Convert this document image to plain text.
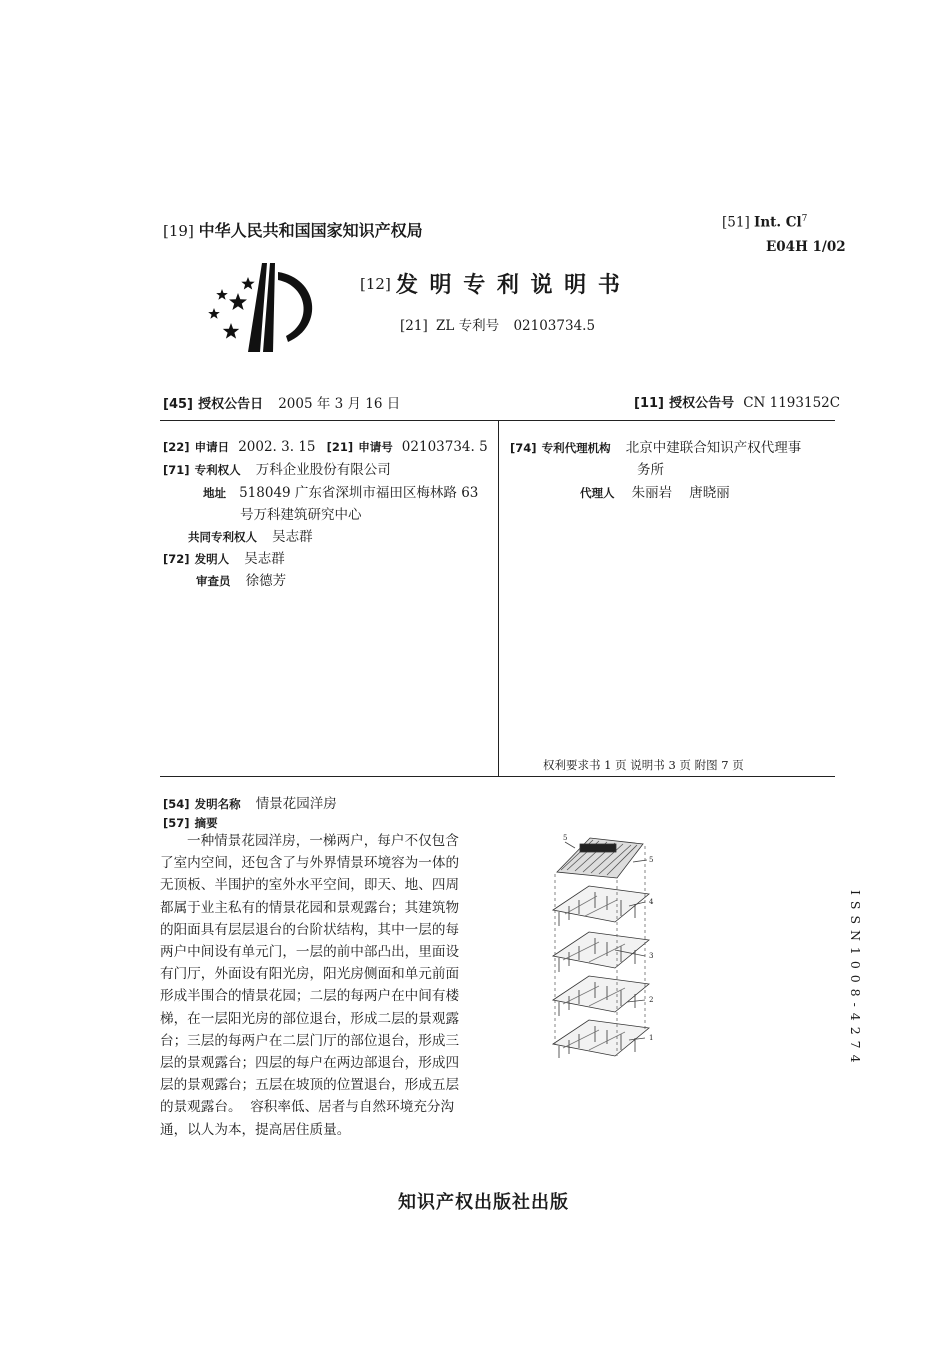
[19] 中华人民共和国国家知识产权局	[51] Int. Cl$^7$
E04H 1/02
[12] 发 明 专 利 说 明 书
[21] ZL 专利号 02103734.5
[45] 授权公告日 2005 年 3 月 16 日	[11] 授权公告号 CN 1193152C
[22] 申请日 2002. 3. 15 [21] 申请号 02103734. 5
[71] 专利权人 万科企业股份有限公司
地址 518049 广东省深圳市福田区梅林路 63
号万科建筑研究中心
共同专利权人 吴志群
[72] 发明人 吴志群
审查员 徐德芳
[74] 专利代理机构 北京中建联合知识产权代理事
务所
代理人 朱丽岩    唐晓丽
权利要求书 1 页 说明书 3 页 附图 7 页
[54] 发明名称 情景花园洋房
[57] 摘要

一种情景花园洋房，一梯两户，每户不仅包含

了室内空间，还包含了与外界情景环境容为一体的

无顶板、半围护的室外水平空间，即天、地、四周

都属于业主私有的情景花园和景观露台；其建筑物

的阳面具有层层退台的台阶状结构，其中一层的每

两户中间设有单元门，一层的前中部凸出，里面设

有门厅，外面设有阳光房，阳光房侧面和单元前面

形成半围合的情景花园；二层的每两户在中间有楼

梯，在一层阳光房的部位退台，形成二层的景观露

台；三层的每两户在二层门厅的部位退台，形成三

层的景观露台；四层的每户在两边部退台，形成四

层的景观露台；五层在坡顶的位置退台，形成五层

的景观露台。  容积率低、居者与自然环境充分沟

通，以人为本，提高居住质量。

5
5
4
3
2
1	I S S N 1 0 0 8 - 4 2 7 4
知识产权出版社出版
